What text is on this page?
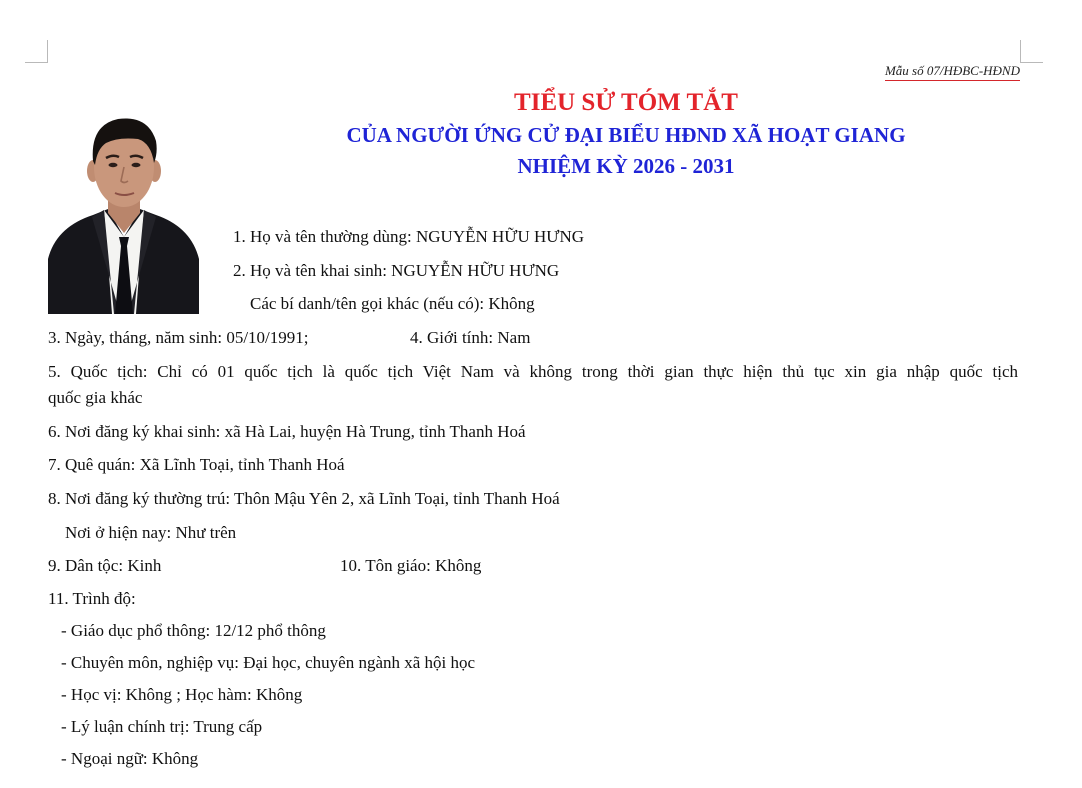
Mẫu số 07/HĐBC-HĐND
TIỂU SỬ TÓM TẮT
CỦA NGƯỜI ỨNG CỬ ĐẠI BIỂU HĐND XÃ HOẠT GIANG
NHIỆM KỲ 2026 - 2031
1. Họ và tên thường dùng: NGUYỄN HỮU HƯNG
2. Họ và tên khai sinh: NGUYỄN HỮU HƯNG
Các bí danh/tên gọi khác (nếu có): Không
3. Ngày, tháng, năm sinh: 05/10/1991;	4. Giới tính: Nam
5. Quốc tịch: Chỉ có 01 quốc tịch là quốc tịch Việt Nam và không trong thời gian thực hiện thủ tục xin gia nhập quốc tịch
quốc gia khác
6. Nơi đăng ký khai sinh: xã Hà Lai, huyện Hà Trung, tỉnh Thanh Hoá
7. Quê quán: Xã Lĩnh Toại, tỉnh Thanh Hoá
8. Nơi đăng ký thường trú: Thôn Mậu Yên 2, xã Lĩnh Toại, tỉnh Thanh Hoá
Nơi ở hiện nay: Như trên
9. Dân tộc: Kinh	10. Tôn giáo: Không
11. Trình độ:
- Giáo dục phổ thông: 12/12 phổ thông
- Chuyên môn, nghiệp vụ: Đại học, chuyên ngành xã hội học
- Học vị: Không ; Học hàm: Không
- Lý luận chính trị: Trung cấp
- Ngoại ngữ: Không
